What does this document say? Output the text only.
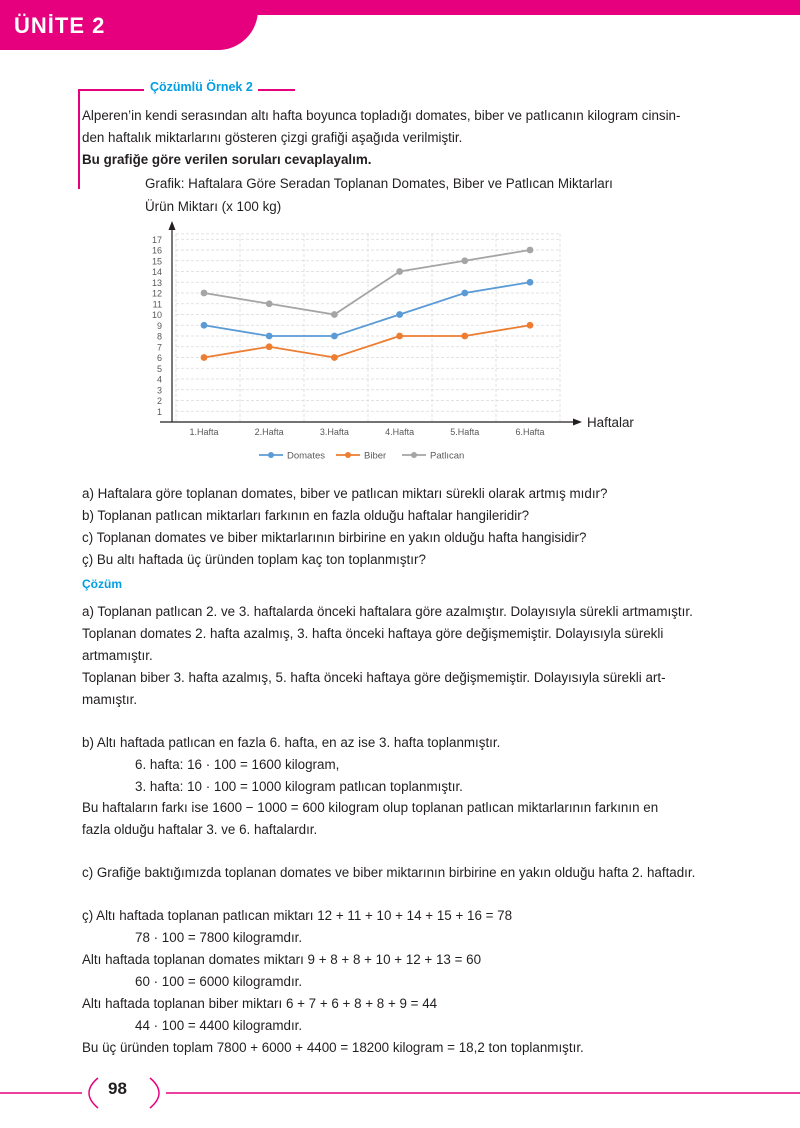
ÜNİTE 2
Çözümlü Örnek 2
Alperen’in kendi serasından altı hafta boyunca topladığı domates, biber ve patlıcanın kilogram cinsin-
den haftalık miktarlarını gösteren çizgi grafiği aşağıda verilmiştir.
Bu grafiğe göre verilen soruları cevaplayalım.
Grafik: Haftalara Göre Seradan Toplanan Domates, Biber ve Patlıcan Miktarları
Ürün Miktarı (x 100 kg)
Haftalar
1
2
3
4
5
6
7
8
9
10
11
12
13
14
15
16
17
1.Hafta	2.Hafta	3.Hafta	4.Hafta	5.Hafta	6.Hafta
Domates	Biber	Patlıcan
a) Haftalara göre toplanan domates, biber ve patlıcan miktarı sürekli olarak artmış mıdır?
b) Toplanan patlıcan miktarları farkının en fazla olduğu haftalar hangileridir?
c) Toplanan domates ve biber miktarlarının birbirine en yakın olduğu hafta hangisidir?
ç) Bu altı haftada üç üründen toplam kaç ton toplanmıştır?
Çözüm
a) Toplanan patlıcan 2. ve 3. haftalarda önceki haftalara göre azalmıştır. Dolayısıyla sürekli artmamıştır.
Toplanan domates 2. hafta azalmış, 3. hafta önceki haftaya göre değişmemiştir. Dolayısıyla sürekli
artmamıştır.
Toplanan biber 3. hafta azalmış, 5. hafta önceki haftaya göre değişmemiştir. Dolayısıyla sürekli art-
mamıştır.
b) Altı haftada patlıcan en fazla 6. hafta, en az ise 3. hafta toplanmıştır.
6. hafta: 16 · 100 = 1600 kilogram,
3. hafta: 10 · 100 = 1000 kilogram patlıcan toplanmıştır.
Bu haftaların farkı ise 1600 − 1000 = 600 kilogram olup toplanan patlıcan miktarlarının farkının en
fazla olduğu haftalar 3. ve 6. haftalardır.
c) Grafiğe baktığımızda toplanan domates ve biber miktarının birbirine en yakın olduğu hafta 2. haftadır.
ç) Altı haftada toplanan patlıcan miktarı 12 + 11 + 10 + 14 + 15 + 16 = 78
78 · 100 = 7800 kilogramdır.
Altı haftada toplanan domates miktarı 9 + 8 + 8 + 10 + 12 + 13 = 60
60 · 100 = 6000 kilogramdır.
Altı haftada toplanan biber miktarı 6 + 7 + 6 + 8 + 8 + 9 = 44
44 · 100 = 4400 kilogramdır.
Bu üç üründen toplam 7800 + 6000 + 4400 = 18200 kilogram = 18,2 ton toplanmıştır.
98
